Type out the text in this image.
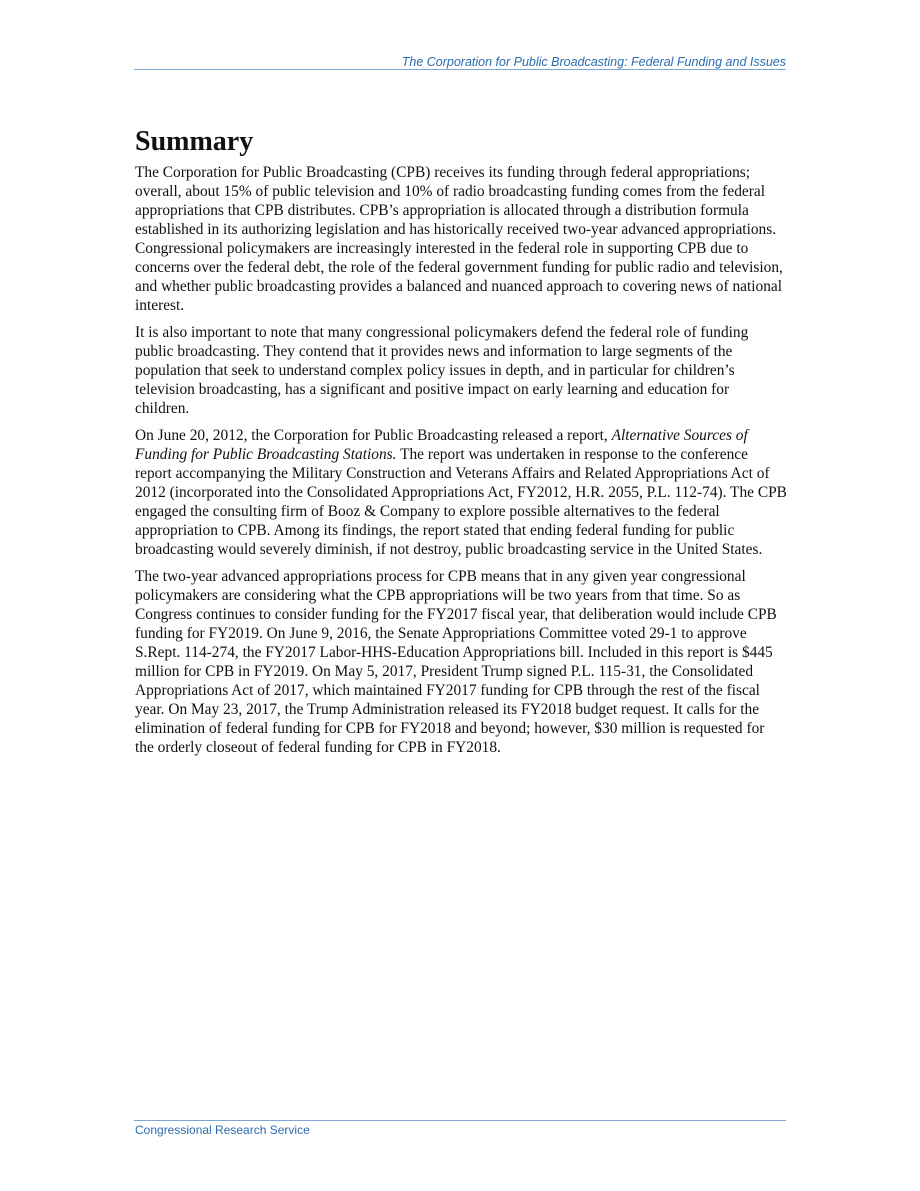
The Corporation for Public Broadcasting: Federal Funding and Issues
Summary

The Corporation for Public Broadcasting (CPB) receives its funding through federal appropriations; overall, about 15% of public television and 10% of radio broadcasting funding comes from the federal appropriations that CPB distributes. CPB’s appropriation is allocated through a distribution formula established in its authorizing legislation and has historically received two-year advanced appropriations. Congressional policymakers are increasingly interested in the federal role in supporting CPB due to concerns over the federal debt, the role of the federal government funding for public radio and television, and whether public broadcasting provides a balanced and nuanced approach to covering news of national interest.

It is also important to note that many congressional policymakers defend the federal role of funding public broadcasting. They contend that it provides news and information to large segments of the population that seek to understand complex policy issues in depth, and in particular for children’s television broadcasting, has a significant and positive impact on early learning and education for children.

On June 20, 2012, the Corporation for Public Broadcasting released a report, Alternative Sources of Funding for Public Broadcasting Stations. The report was undertaken in response to the conference report accompanying the Military Construction and Veterans Affairs and Related Appropriations Act of 2012 (incorporated into the Consolidated Appropriations Act, FY2012, H.R. 2055, P.L. 112-74). The CPB engaged the consulting firm of Booz & Company to explore possible alternatives to the federal appropriation to CPB. Among its findings, the report stated that ending federal funding for public broadcasting would severely diminish, if not destroy, public broadcasting service in the United States.

The two-year advanced appropriations process for CPB means that in any given year congressional policymakers are considering what the CPB appropriations will be two years from that time. So as Congress continues to consider funding for the FY2017 fiscal year, that deliberation would include CPB funding for FY2019. On June 9, 2016, the Senate Appropriations Committee voted 29-1 to approve S.Rept. 114-274, the FY2017 Labor-HHS-Education Appropriations bill. Included in this report is $445 million for CPB in FY2019. On May 5, 2017, President Trump signed P.L. 115-31, the Consolidated Appropriations Act of 2017, which maintained FY2017 funding for CPB through the rest of the fiscal year. On May 23, 2017, the Trump Administration released its FY2018 budget request. It calls for the elimination of federal funding for CPB for FY2018 and beyond; however, $30 million is requested for the orderly closeout of federal funding for CPB in FY2018.

Congressional Research Service
